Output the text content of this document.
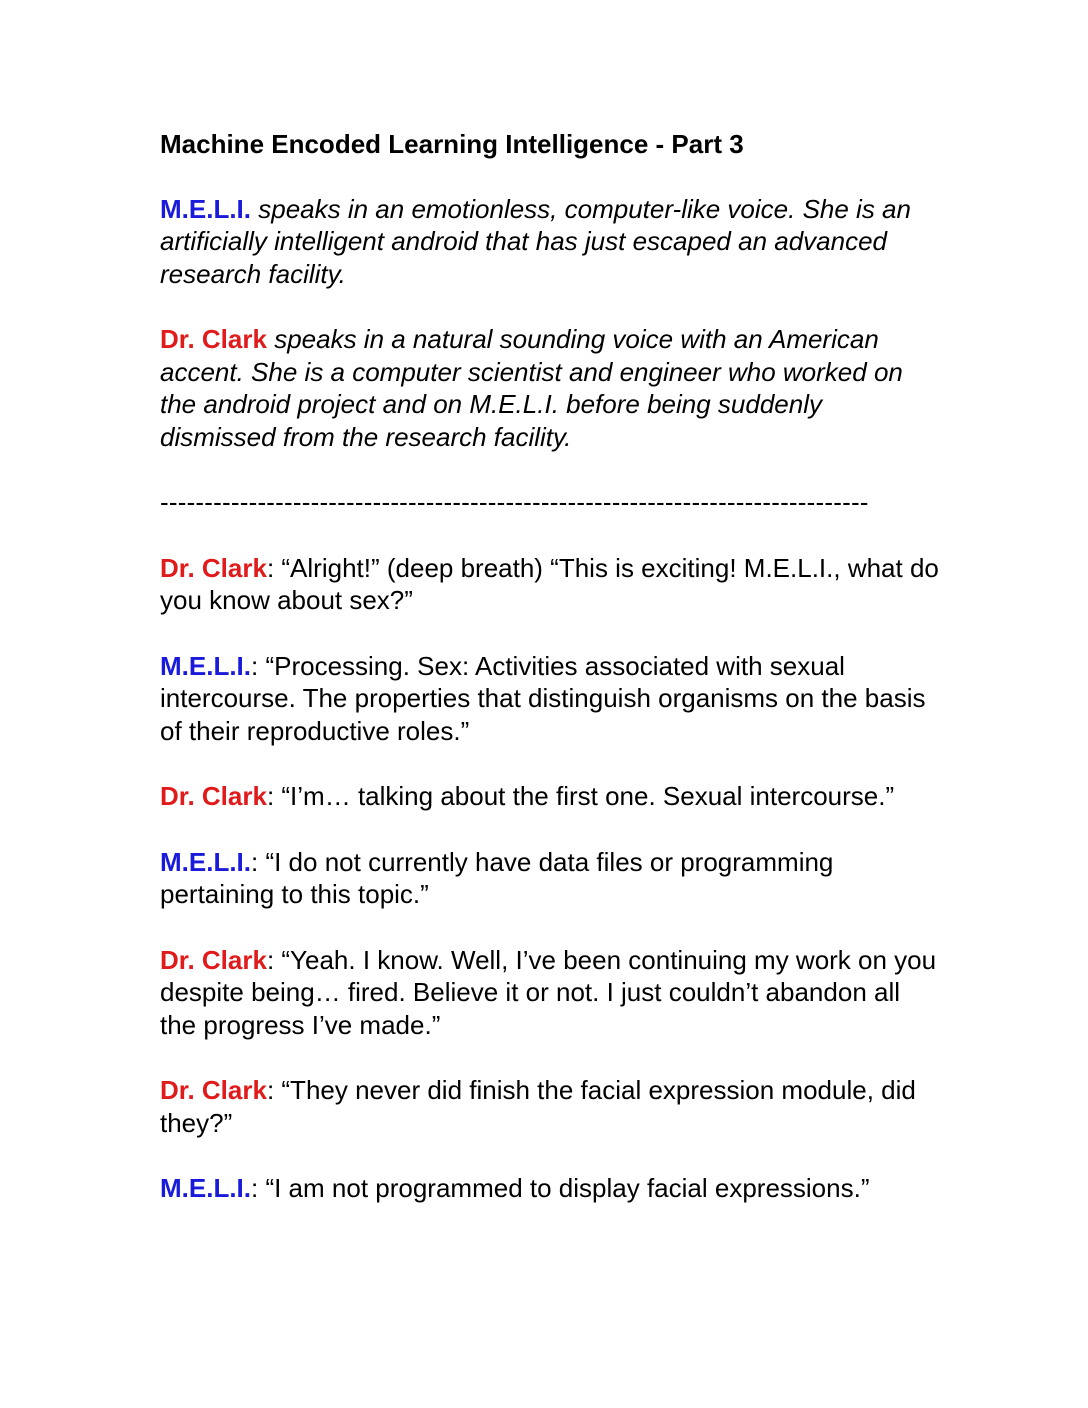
Machine Encoded Learning Intelligence - Part 3
M.E.L.I. speaks in an emotionless, computer-like voice. She is an artificially intelligent android that has just escaped an advanced research facility.
Dr. Clark speaks in a natural sounding voice with an American accent. She is a computer scientist and engineer who worked on the android project and on M.E.L.I. before being suddenly dismissed from the research facility.
--------------------------------------------------------------------------------
Dr. Clark: “Alright!” (deep breath) “This is exciting! M.E.L.I., what do you know about sex?”
M.E.L.I.: “Processing. Sex: Activities associated with sexual intercourse. The properties that distinguish organisms on the basis of their reproductive roles.”
Dr. Clark: “I’m… talking about the first one. Sexual intercourse.”
M.E.L.I.: “I do not currently have data files or programming pertaining to this topic.”
Dr. Clark: “Yeah. I know. Well, I’ve been continuing my work on you despite being… fired. Believe it or not. I just couldn’t abandon all the progress I’ve made.”
Dr. Clark: “They never did finish the facial expression module, did they?”
M.E.L.I.: “I am not programmed to display facial expressions.”
